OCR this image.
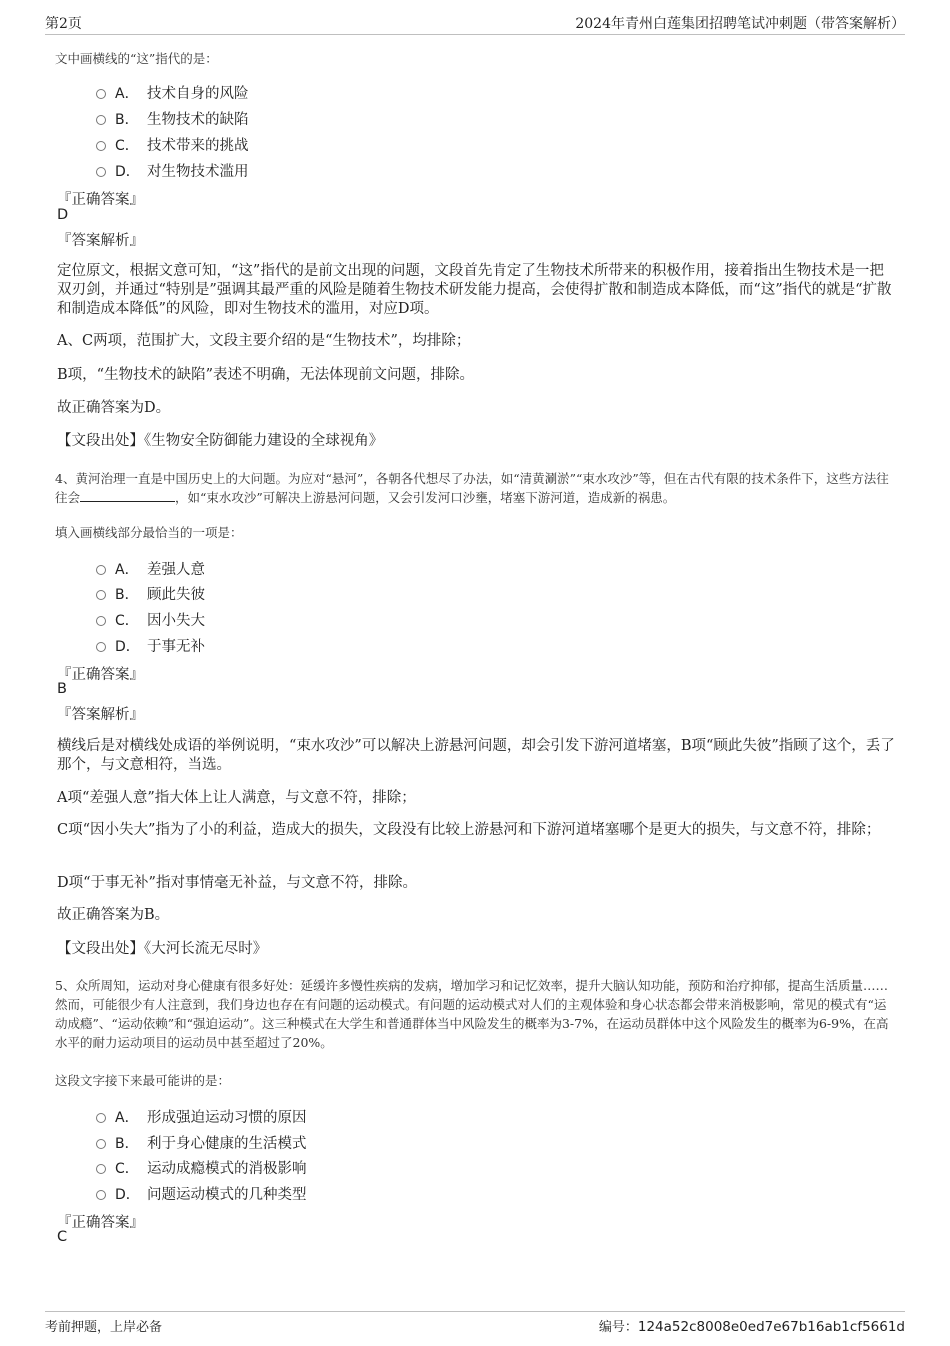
第2页	2024年青州白莲集团招聘笔试冲刺题（带答案解析）
文中画横线的“这”指代的是：
A． 技术自身的风险
B． 生物技术的缺陷
C． 技术带来的挑战
D． 对生物技术滥用
『正确答案』
D
『答案解析』
定位原文，根据文意可知，“这”指代的是前文出现的问题，文段首先肯定了生物技术所带来的积极作用，接着指出生物技术是一把双刃剑，并通过“特别是”强调其最严重的风险是随着生物技术研发能力提高，会使得扩散和制造成本降低，而“这”指代的就是“扩散和制造成本降低”的风险，即对生物技术的滥用，对应D项。
A、C两项，范围扩大，文段主要介绍的是“生物技术”，均排除；
B项，“生物技术的缺陷”表述不明确，无法体现前文问题，排除。
故正确答案为D。
【文段出处】《生物安全防御能力建设的全球视角》
4、黄河治理一直是中国历史上的大问题。为应对“悬河”，各朝各代想尽了办法，如“清黄涮淤”“束水攻沙”等，但在古代有限的技术条件下，这些方法往往会	，如“束水攻沙”可解决上游悬河问题，又会引发河口沙壅，堵塞下游河道，造成新的祸患。
填入画横线部分最恰当的一项是：
A． 差强人意
B． 顾此失彼
C． 因小失大
D． 于事无补
『正确答案』
B
『答案解析』
横线后是对横线处成语的举例说明，“束水攻沙”可以解决上游悬河问题，却会引发下游河道堵塞，B项“顾此失彼”指顾了这个，丢了那个，与文意相符，当选。
A项“差强人意”指大体上让人满意，与文意不符，排除；
C项“因小失大”指为了小的利益，造成大的损失，文段没有比较上游悬河和下游河道堵塞哪个是更大的损失，与文意不符，排除；
D项“于事无补”指对事情毫无补益，与文意不符，排除。
故正确答案为B。
【文段出处】《大河长流无尽时》
5、众所周知，运动对身心健康有很多好处：延缓许多慢性疾病的发病，增加学习和记忆效率，提升大脑认知功能，预防和治疗抑郁，提高生活质量……然而，可能很少有人注意到，我们身边也存在有问题的运动模式。有问题的运动模式对人们的主观体验和身心状态都会带来消极影响，常见的模式有“运动成瘾”、“运动依赖”和“强迫运动”。这三种模式在大学生和普通群体当中风险发生的概率为3-7%，在运动员群体中这个风险发生的概率为6-9%，在高水平的耐力运动项目的运动员中甚至超过了20%。
这段文字接下来最可能讲的是：
A． 形成强迫运动习惯的原因
B． 利于身心健康的生活模式
C． 运动成瘾模式的消极影响
D． 问题运动模式的几种类型
『正确答案』
C
考前押题，上岸必备	编号：124a52c8008e0ed7e67b16ab1cf5661d
